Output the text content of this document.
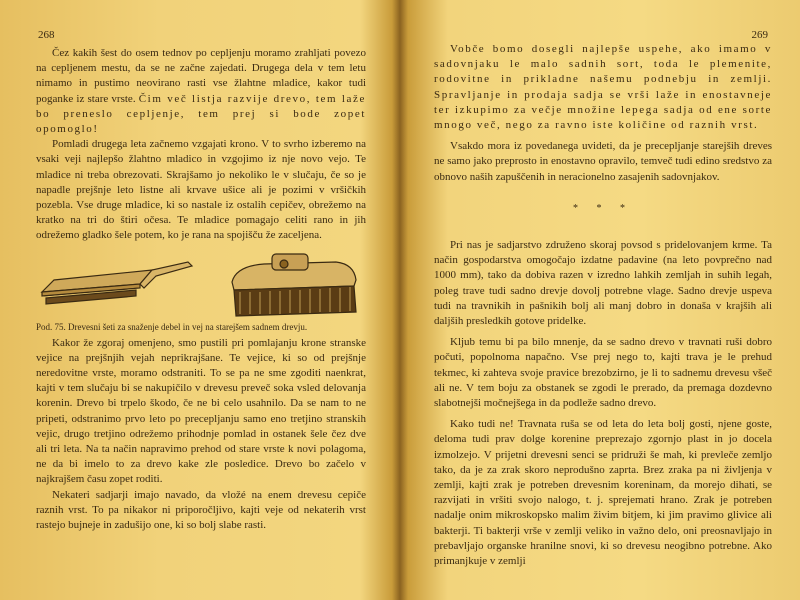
268

Čez kakih šest do osem tednov po cepljenju moramo zrahljati povezo na cepljenem mestu, da se ne začne zajedati. Drugega dela v tem letu nimamo in pustimo neovirano rasti vse žlahtne mladice, kakor tudi poganke iz stare vrste. Čim več listja razvije drevo, tem laže bo preneslo cepljenje, tem prej si bode zopet opomoglo!

Pomladi drugega leta začnemo vzgajati krono. V to svrho izberemo na vsaki veji najlepšo žlahtno mladico in vzgojimo iz nje novo vejo. Te mladice ni treba obrezovati. Skrajšamo jo nekoliko le v slučaju, če so je napadle prejšnje leto listne ali krvave ušice ali je pozimi v vršičkih pozebla. Vse druge mladice, ki so nastale iz ostalih cepičev, obrežemo na kratko na tri do štiri očesa. Te mladice pomagajo celiti rano in jih odrežemo gladko šele potem, ko je rana na spojišču že zaceljena.

Pod. 75. Drevesni šeti za snaženje debel in vej na starejšem sadnem drevju.

Kakor že zgoraj omenjeno, smo pustili pri pomlajanju krone stranske vejice na prejšnjih vejah neprikrajšane. Te vejice, ki so od prejšnje neredovitne vrste, moramo odstraniti. To se pa ne sme zgoditi naenkrat, kajti v tem slučaju bi se nakupičilo v drevesu preveč soka vsled delovanja korenin. Drevo bi trpelo škodo, če ne bi celo usahnilo. Da se nam to ne pripeti, odstranimo prvo leto po precepljanju samo eno tretjino stranskih vejic, drugo tretjino odrežemo prihodnje pomlad in ostanek šele čez dve ali tri leta. Na ta način napravimo prehod od stare vrste k novi polagoma, ne da bi imelo to za drevo kake zle posledice. Drevo bo začelo v najkrajšem času zopet roditi.

Nekateri sadjarji imajo navado, da vložé na enem drevesu cepiče raznih vrst. To pa nikakor ni priporočljivo, kajti veje od nekaterih vrst rastejo bujneje in zadušijo one, ki so bolj slabe rasti.

269

Vobče bomo dosegli najlepše uspehe, ako imamo v sadovnjaku le malo sadnih sort, toda le plemenite, rodovitne in prikladne našemu podnebju in zemlji. Spravljanje in prodaja sadja se vrši laže in enostavneje ter izkupimo za večje množine lepega sadja od ene sorte mnogo več, nego za ravno iste količine od raznih vrst.

Vsakdo mora iz povedanega uvideti, da je precepljanje starejših dreves ne samo jako preprosto in enostavno opravilo, temveč tudi edino sredstvo za obnovo naših zapuščenih in neracionelno zasajenih sadovnjakov.

* * *

Pri nas je sadjarstvo združeno skoraj povsod s pridelovanjem krme. Ta način gospodarstva omogočajo izdatne padavine (na leto povprečno nad 1000 mm), tako da dobiva razen v izredno lahkih zemljah in suhih legah, poleg trave tudi sadno drevje dovolj potrebne vlage. Sadno drevje uspeva tudi na travnikih in pašnikih bolj ali manj dobro in donaša v krajših ali daljših presledkih gotove pridelke.

Kljub temu bi pa bilo mnenje, da se sadno drevo v travnati ruši dobro počuti, popolnoma napačno. Vse prej nego to, kajti trava je le prehud tekmec, ki zahteva svoje pravice brezobzirno, je li to sadnemu drevesu všeč ali ne. V tem boju za obstanek se zgodi le prerado, da premaga dozdevno slabotnejši močnejšega in da podleže sadno drevo.

Kako tudi ne! Travnata ruša se od leta do leta bolj gosti, njene goste, deloma tudi prav dolge korenine preprezajo zgornjo plast in jo docela izmolzejo. V prijetni drevesni senci se pridruži še mah, ki prevleče zemljo tako, da je za zrak skoro neprodušno zaprta. Brez zraka pa ni življenja v zemlji, kajti zrak je potreben drevesnim koreninam, da morejo dihati, se razvijati in vršiti svojo nalogo, t. j. sprejemati hrano. Zrak je potreben nadalje onim mikroskopsko malim živim bitjem, ki jim pravimo glivice ali bakterji. Ti bakterji vrše v zemlji veliko in važno delo, oni preosnavljajo in prebavljajo organske hranilne snovi, ki so drevesu neogibno potrebne. Ako primanjkuje v zemlji
